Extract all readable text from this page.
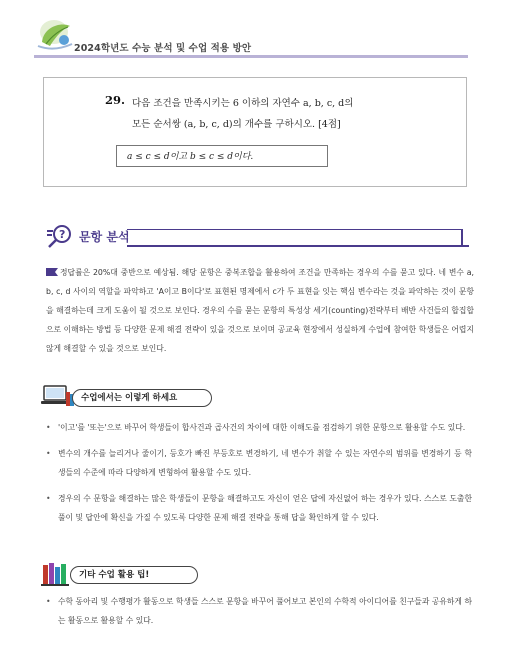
2024학년도 수능 분석 및 수업 적용 방안
29. 다음 조건을 만족시키는 6 이하의 자연수 a, b, c, d의
모든 순서쌍 (a, b, c, d)의 개수를 구하시오. [4점]
a ≤ c ≤ d이고 b ≤ c ≤ d이다.
? 문항 분석

정답률은 20%대 중반으로 예상됨. 해당 문항은 중복조합을 활용하여 조건을 만족하는 경우의 수를 묻고 있다. 네 변수 a, b, c, d 사이의 역할을 파악하고 'A이고 B이다'로 표현된 명제에서 c가 두 표현을 잇는 핵심 변수라는 것을 파악하는 것이 문항을 해결하는데 크게 도움이 될 것으로 보인다. 경우의 수를 묻는 문항의 특성상 세기(counting)전략부터 배반 사건들의 합집합으로 이해하는 방법 등 다양한 문제 해결 전략이 있을 것으로 보이며 공교육 현장에서 성실하게 수업에 참여한 학생들은 어렵지 않게 해결할 수 있을 것으로 보인다.

수업에서는 이렇게 하세요
• '이고'를 '또는'으로 바꾸어 학생들이 합사건과 곱사건의 차이에 대한 이해도를 점검하기 위한 문항으로 활용할 수도 있다.
• 변수의 개수를 늘리거나 줄이기, 등호가 빠진 부등호로 변경하기, 네 변수가 취할 수 있는 자연수의 범위를 변경하기 등 학생들의 수준에 따라 다양하게 변형하여 활용할 수도 있다.
• 경우의 수 문항을 해결하는 많은 학생들이 문항을 해결하고도 자신이 얻은 답에 자신없어 하는 경우가 있다. 스스로 도출한 풀이 및 답안에 확신을 가질 수 있도록 다양한 문제 해결 전략을 통해 답을 확인하게 할 수 있다.
기타 수업 활용 팁!
• 수학 동아리 및 수행평가 활동으로 학생들 스스로 문항을 바꾸어 풀어보고 본인의 수학적 아이디어를 친구들과 공유하게 하는 활동으로 활용할 수 있다.
